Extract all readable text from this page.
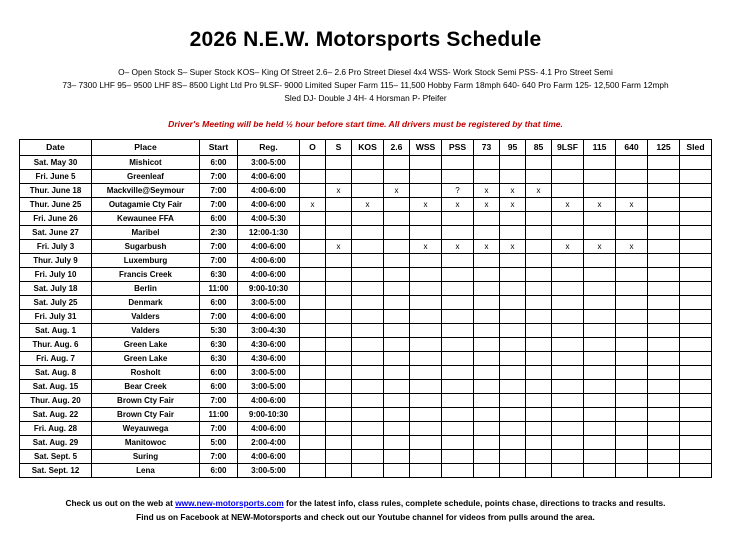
2026 N.E.W. Motorsports Schedule
O– Open Stock S– Super Stock KOS– King Of Street 2.6– 2.6 Pro Street Diesel 4x4 WSS- Work Stock Semi PSS- 4.1 Pro Street Semi
73– 7300 LHF 95– 9500 LHF 8S– 8500 Light Ltd Pro 9LSF- 9000 Limited Super Farm 115– 11,500 Hobby Farm 18mph 640- 640 Pro Farm 125- 12,500 Farm 12mph
Sled DJ- Double J 4H- 4 Horsman P- Pfeifer
Driver's Meeting will be held ½ hour before start time. All drivers must be registered by that time.
Date	Place	Start	Reg.	O	S	KOS	2.6	WSS	PSS	73	95	85	9LSF	115	640	125	Sled
Sat. May 30	Mishicot	6:00	3:00-5:00														
Fri. June 5	Greenleaf	7:00	4:00-6:00														
Thur. June 18	Mackville@Seymour	7:00	4:00-6:00		x		x		?	x	x	x					
Thur. June 25	Outagamie Cty Fair	7:00	4:00-6:00	x		x		x	x	x	x		x	x	x		
Fri. June 26	Kewaunee FFA	6:00	4:00-5:30														
Sat. June 27	Maribel	2:30	12:00-1:30														
Fri. July 3	Sugarbush	7:00	4:00-6:00		x			x	x	x	x		x	x	x		
Thur. July 9	Luxemburg	7:00	4:00-6:00														
Fri. July 10	Francis Creek	6:30	4:00-6:00														
Sat. July 18	Berlin	11:00	9:00-10:30														
Sat. July 25	Denmark	6:00	3:00-5:00														
Fri. July 31	Valders	7:00	4:00-6:00														
Sat. Aug. 1	Valders	5:30	3:00-4:30														
Thur. Aug. 6	Green Lake	6:30	4:30-6:00														
Fri. Aug. 7	Green Lake	6:30	4:30-6:00														
Sat. Aug. 8	Rosholt	6:00	3:00-5:00														
Sat. Aug. 15	Bear Creek	6:00	3:00-5:00														
Thur. Aug. 20	Brown Cty Fair	7:00	4:00-6:00														
Sat. Aug. 22	Brown Cty Fair	11:00	9:00-10:30														
Fri. Aug. 28	Weyauwega	7:00	4:00-6:00														
Sat. Aug. 29	Manitowoc	5:00	2:00-4:00														
Sat. Sept. 5	Suring	7:00	4:00-6:00														
Sat. Sept. 12	Lena	6:00	3:00-5:00														
Check us out on the web at www.new-motorsports.com for the latest info, class rules, complete schedule, points chase, directions to tracks and results.
Find us on Facebook at NEW-Motorsports and check out our Youtube channel for videos from pulls around the area.
